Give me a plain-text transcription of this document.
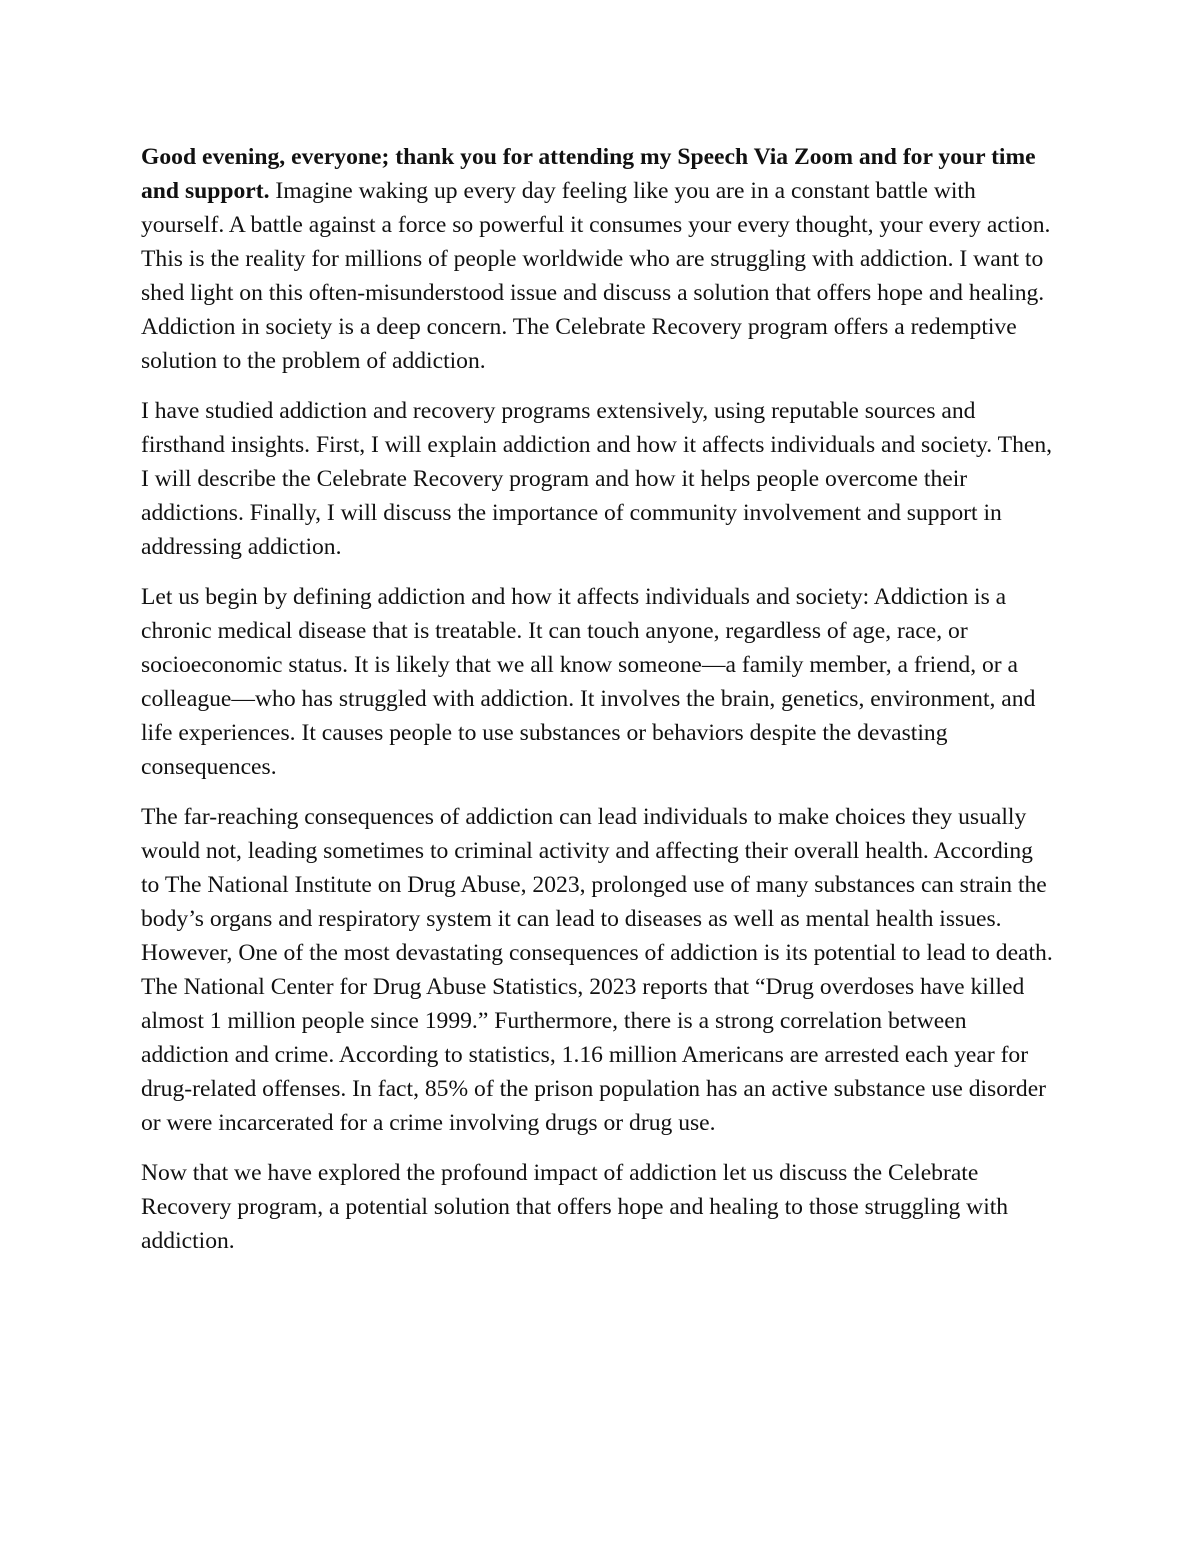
Good evening, everyone; thank you for attending my Speech Via Zoom and for your time and support. Imagine waking up every day feeling like you are in a constant battle with yourself. A battle against a force so powerful it consumes your every thought, your every action. This is the reality for millions of people worldwide who are struggling with addiction. I want to shed light on this often-misunderstood issue and discuss a solution that offers hope and healing. Addiction in society is a deep concern. The Celebrate Recovery program offers a redemptive solution to the problem of addiction.

I have studied addiction and recovery programs extensively, using reputable sources and firsthand insights. First, I will explain addiction and how it affects individuals and society. Then, I will describe the Celebrate Recovery program and how it helps people overcome their addictions. Finally, I will discuss the importance of community involvement and support in addressing addiction.

Let us begin by defining addiction and how it affects individuals and society: Addiction is a chronic medical disease that is treatable. It can touch anyone, regardless of age, race, or socioeconomic status. It is likely that we all know someone—a family member, a friend, or a colleague—who has struggled with addiction. It involves the brain, genetics, environment, and life experiences. It causes people to use substances or behaviors despite the devasting consequences.

The far-reaching consequences of addiction can lead individuals to make choices they usually would not, leading sometimes to criminal activity and affecting their overall health. According to The National Institute on Drug Abuse, 2023, prolonged use of many substances can strain the body’s organs and respiratory system it can lead to diseases as well as mental health issues. However, One of the most devastating consequences of addiction is its potential to lead to death. The National Center for Drug Abuse Statistics, 2023 reports that “Drug overdoses have killed almost 1 million people since 1999.” Furthermore, there is a strong correlation between addiction and crime. According to statistics, 1.16 million Americans are arrested each year for drug-related offenses. In fact, 85% of the prison population has an active substance use disorder or were incarcerated for a crime involving drugs or drug use.

Now that we have explored the profound impact of addiction let us discuss the Celebrate Recovery program, a potential solution that offers hope and healing to those struggling with addiction.
